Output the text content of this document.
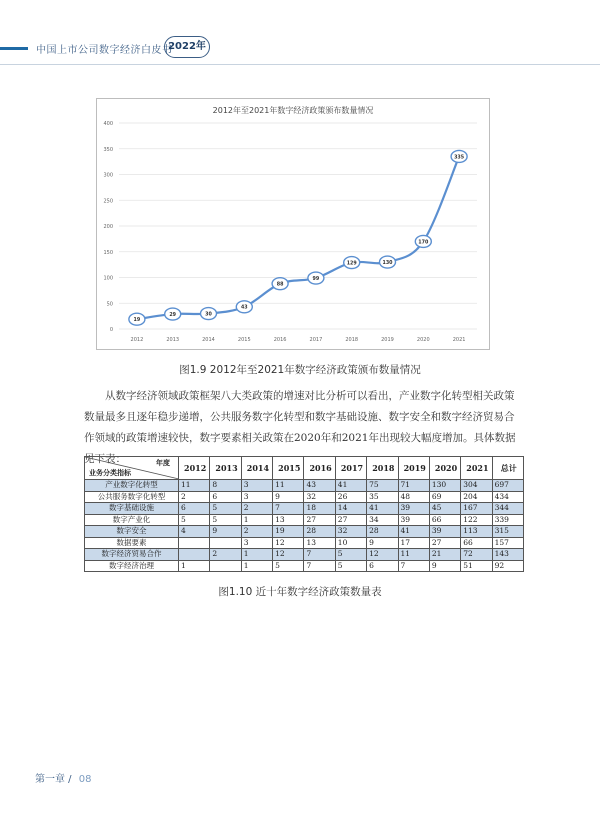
中国上市公司数字经济白皮书
2022年
2012年至2021年数字经济政策颁布数量情况
0
50
100
150
200
250
300
350
400
2012	2013	2014	2015	2016	2017	2018	2019	2020	2021
19
29	30
43
88
99
129	130
170
335
图1.9 2012年至2021年数字经济政策颁布数量情况
从数字经济领域政策框架八大类政策的增速对比分析可以看出，产业数字化转型相关政策数量最多且逐年稳步递增，公共服务数字化转型和数字基础设施、数字安全和数字经济贸易合作领域的政策增速较快，数字要素相关政策在2020年和2021年出现较大幅度增加。具体数据见下表：	年度
业务分类指标	2012	2013	2014	2015	2016	2017	2018	2019	2020	2021	总计
产业数字化转型	11	8	3	11	43	41	75	71	130	304	697
公共服务数字化转型	2	6	3	9	32	26	35	48	69	204	434
数字基础设施	6	5	2	7	18	14	41	39	45	167	344
数字产业化	5	5	1	13	27	27	34	39	66	122	339
数字安全	4	9	2	19	28	32	28	41	39	113	315
数据要素			3	12	13	10	9	17	27	66	157
数字经济贸易合作		2	1	12	7	5	12	11	21	72	143
数字经济治理	1		1	5	7	5	6	7	9	51	92
图1.10 近十年数字经济政策数量表
第一章 / 08
